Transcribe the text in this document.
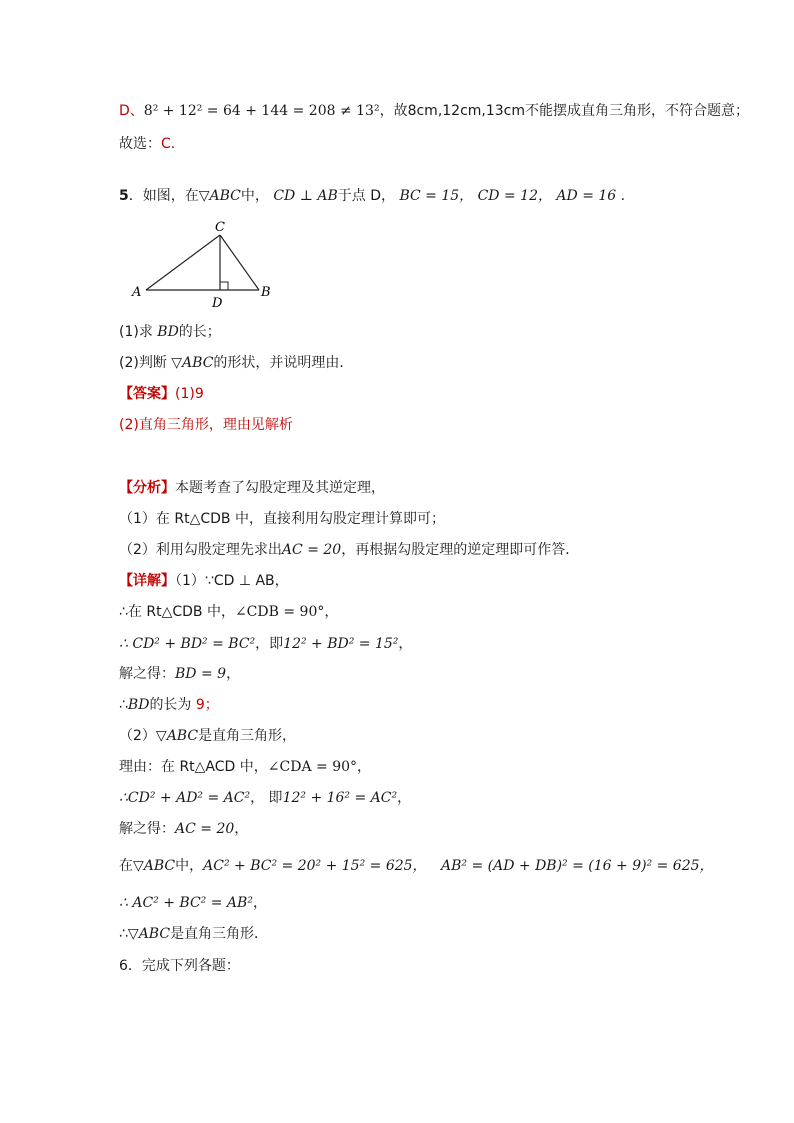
D、8² + 12² = 64 + 144 = 208 ≠ 13²，故8cm,12cm,13cm不能摆成直角三角形，不符合题意；
故选：C.
5．如图，在▽ABC中， CD ⊥ AB于点 D， BC = 15， CD = 12， AD = 16 .
C
A	B
D
(1)求 BD的长；
(2)判断 ▽ABC的形状，并说明理由．
【答案】(1)9
(2)直角三角形，理由见解析
【分析】本题考查了勾股定理及其逆定理，
（1）在 Rt△CDB 中，直接利用勾股定理计算即可；
（2）利用勾股定理先求出AC = 20，再根据勾股定理的逆定理即可作答．
【详解】（1）∵CD ⊥ AB，
∴在 Rt△CDB 中，∠CDB = 90°，
∴ CD² + BD² = BC²，即12² + BD² = 15²，
解之得：BD = 9，
∴BD的长为 9；
（2）▽ABC是直角三角形，
理由：在 Rt△ACD 中，∠CDA = 90°，
∴CD² + AD² = AC²， 即12² + 16² = AC²，
解之得：AC = 20，
在▽ABC中，AC² + BC² = 20² + 15² = 625， AB² = (AD + DB)² = (16 + 9)² = 625，
∴ AC² + BC² = AB²，
∴▽ABC是直角三角形．
6．完成下列各题：
